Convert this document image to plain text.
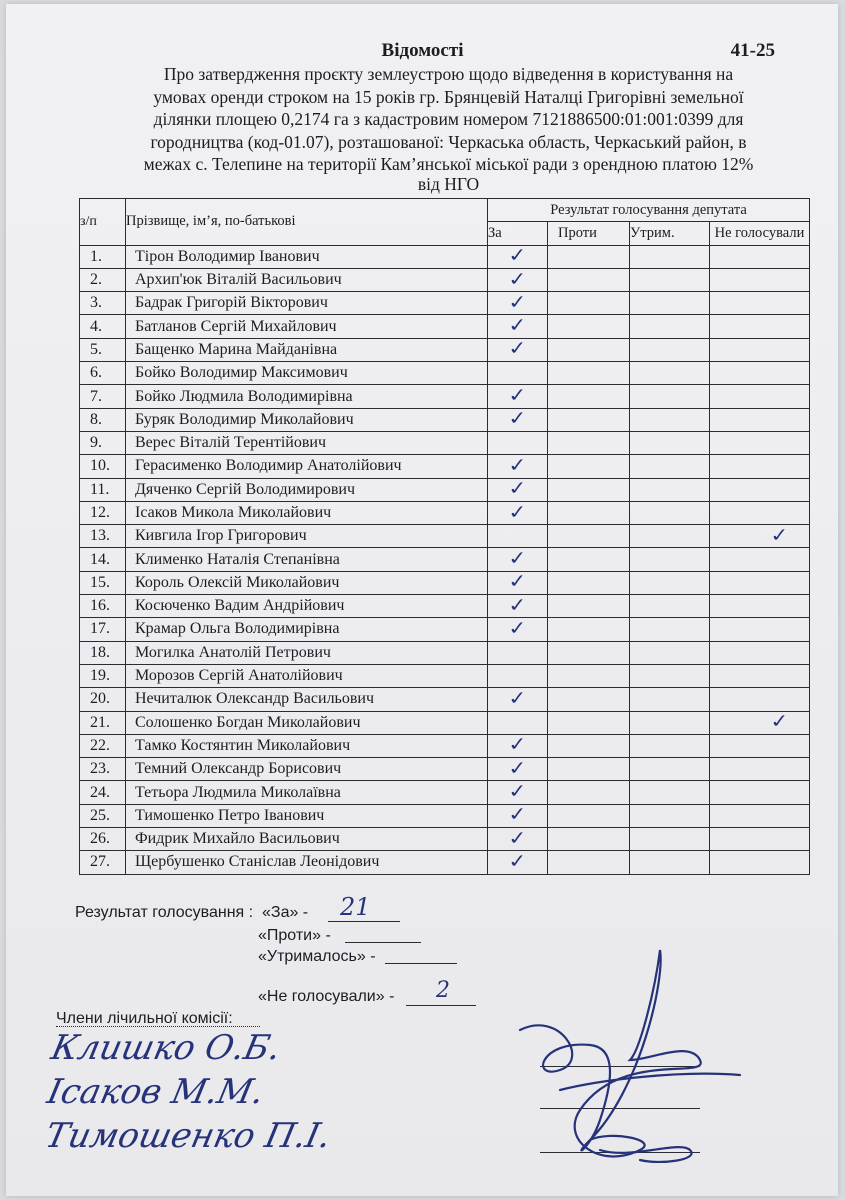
Відомості	41-25
Про затвердження проєкту землеустрою щодо відведення в користування на
умовах оренди строком на 15 років гр. Брянцевій Наталці Григорівні земельної
ділянки площею 0,2174 га з кадастровим номером 7121886500:01:001:0399 для
городництва (код-01.07), розташованої: Черкаська область, Черкаський район, в
межах с. Телепине на території Кам’янської міської ради з орендною платою 12%
від НГО
з/п	Прізвище, ім’я, по-батькові	Результат голосування депутата			
		За	Проти	Утрим.	Не голосували
1.	Тірон Володимир Іванович	✓			
2.	Архип'юк Віталій Васильович	✓			
3.	Бадрак Григорій Вікторович	✓			
4.	Батланов Сергій Михайлович	✓			
5.	Бащенко Марина Майданівна	✓			
6.	Бойко Володимир Максимович				
7.	Бойко Людмила Володимирівна	✓			
8.	Буряк Володимир Миколайович	✓			
9.	Верес Віталій Терентійович				
10.	Герасименко Володимир Анатолійович	✓			
11.	Дяченко Сергій Володимирович	✓			
12.	Ісаков Микола Миколайович	✓			
13.	Кивгила Ігор Григорович				✓
14.	Клименко Наталія Степанівна	✓			
15.	Король Олексій Миколайович	✓			
16.	Косюченко Вадим Андрійович	✓			
17.	Крамар Ольга Володимирівна	✓			
18.	Могилка Анатолій Петрович				
19.	Морозов Сергій Анатолійович				
20.	Нечиталюк Олександр Васильович	✓			
21.	Солошенко Богдан Миколайович				✓
22.	Тамко Костянтин Миколайович	✓			
23.	Темний Олександр Борисович	✓			
24.	Тетьора Людмила Миколаївна	✓			
25.	Тимошенко Петро Іванович	✓			
26.	Фидрик Михайло Васильович	✓			
27.	Щербушенко Станіслав Леонідович	✓			
Результат голосування : «За» - 21
«Проти» -
«Утрималось» -
«Не голосували» - 2
Члени лічильної комісії:
Клишко О.Б.
Ісаков М.М.
Тимошенко П.І.
